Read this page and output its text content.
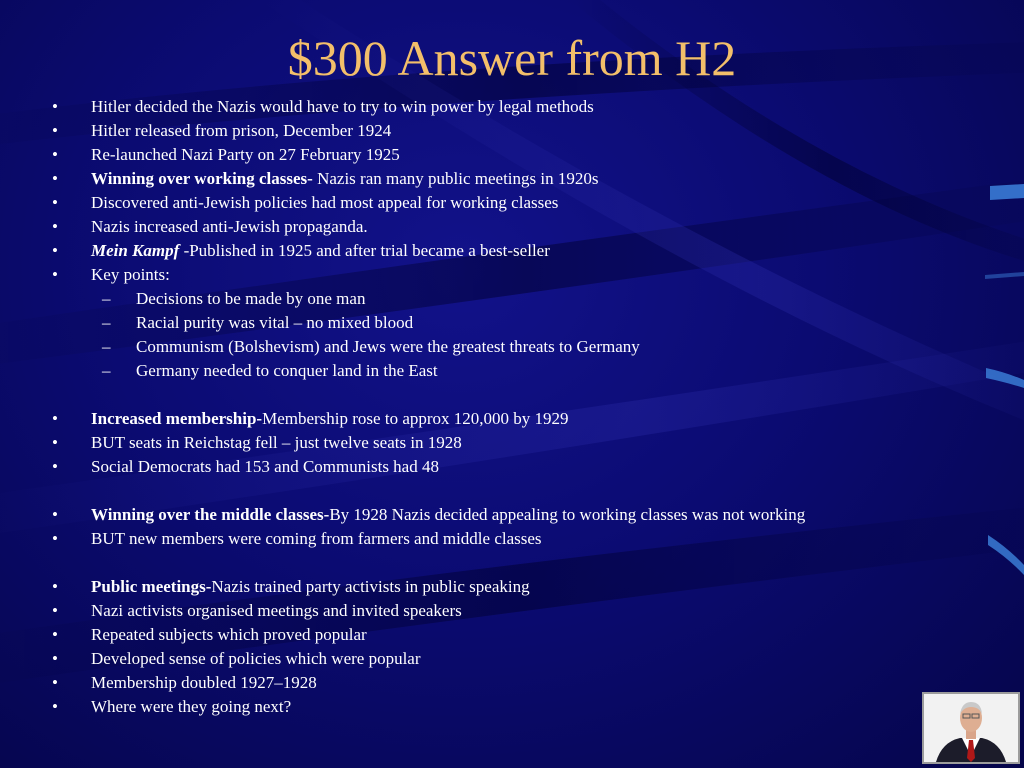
$300 Answer from H2
• Hitler decided the Nazis would have to try to win power by legal methods
• Hitler released from prison, December 1924
• Re-launched Nazi Party on 27 February 1925
• Winning over working classes- Nazis ran many public meetings in 1920s
• Discovered anti-Jewish policies had most appeal for working classes
• Nazis increased anti-Jewish propaganda.
• Mein Kampf -Published in 1925 and after trial became a best-seller
• Key points:
– Decisions to be made by one man
– Racial purity was vital – no mixed blood
– Communism (Bolshevism) and Jews were the greatest threats to Germany
– Germany needed to conquer land in the East
• Increased membership-Membership rose to approx 120,000 by 1929
• BUT seats in Reichstag fell – just twelve seats in 1928
• Social Democrats had 153 and Communists had 48
• Winning over the middle classes-By 1928 Nazis decided appealing to working classes was not working
• BUT new members were coming from farmers and middle classes
• Public meetings-Nazis trained party activists in public speaking
• Nazi activists organised meetings and invited speakers
• Repeated subjects which proved popular
• Developed sense of policies which were popular
• Membership doubled 1927–1928
• Where were they going next?
